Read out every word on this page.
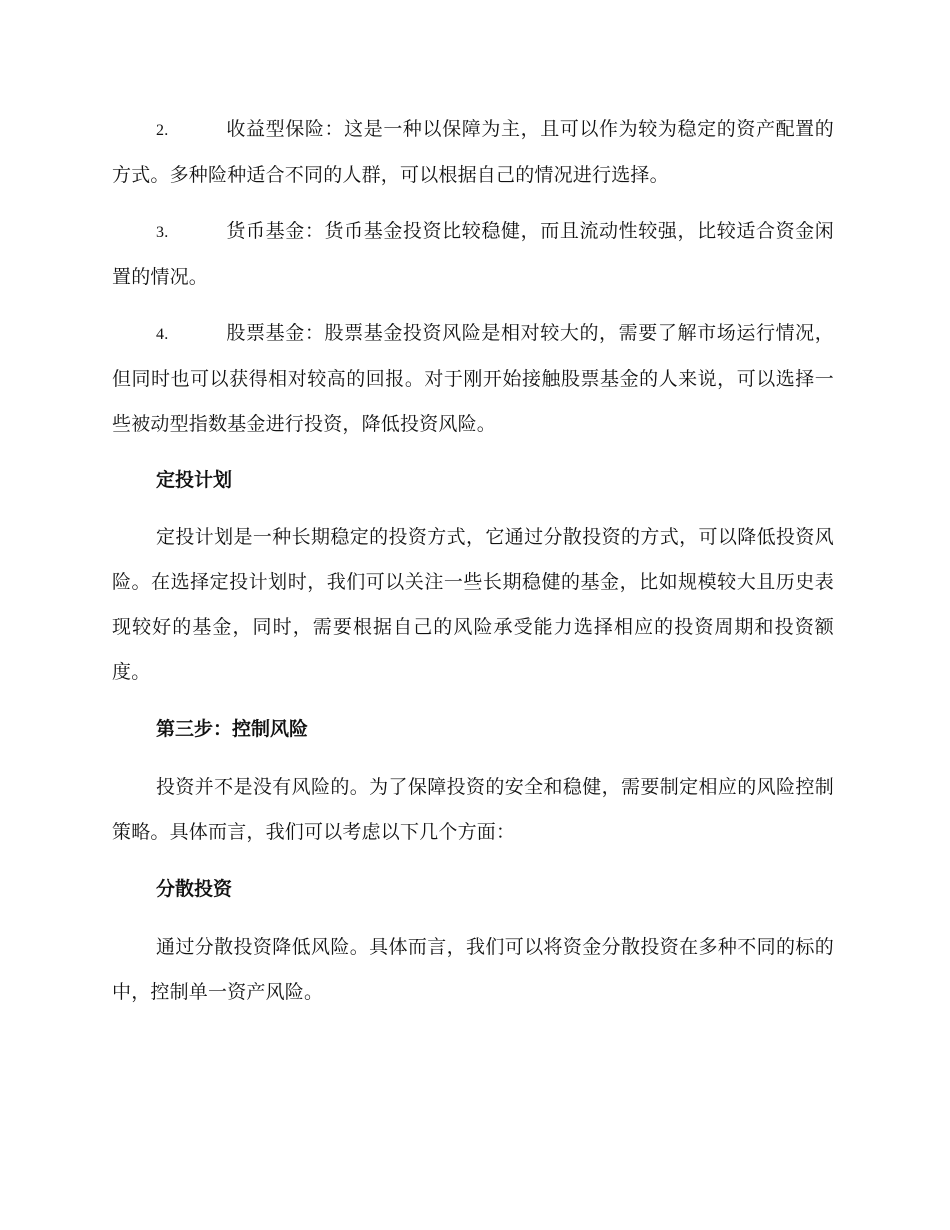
2.	收益型保险：这是一种以保障为主，且可以作为较为稳定的资产配置的方式。多种险种适合不同的人群，可以根据自己的情况进行选择。

3.	货币基金：货币基金投资比较稳健，而且流动性较强，比较适合资金闲置的情况。

4.	股票基金：股票基金投资风险是相对较大的，需要了解市场运行情况，但同时也可以获得相对较高的回报。对于刚开始接触股票基金的人来说，可以选择一些被动型指数基金进行投资，降低投资风险。

定投计划

定投计划是一种长期稳定的投资方式，它通过分散投资的方式，可以降低投资风险。在选择定投计划时，我们可以关注一些长期稳健的基金，比如规模较大且历史表现较好的基金，同时，需要根据自己的风险承受能力选择相应的投资周期和投资额度。

第三步：控制风险

投资并不是没有风险的。为了保障投资的安全和稳健，需要制定相应的风险控制策略。具体而言，我们可以考虑以下几个方面：

分散投资

通过分散投资降低风险。具体而言，我们可以将资金分散投资在多种不同的标的中，控制单一资产风险。
